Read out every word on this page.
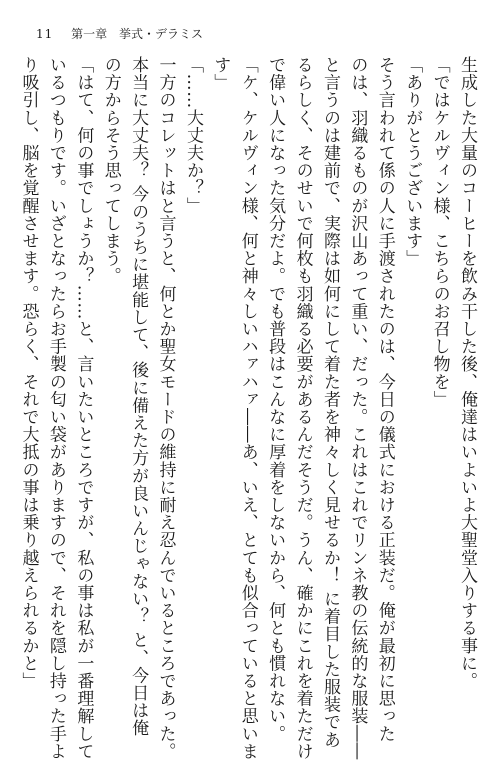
11 第一章 挙式・デラミス
生成した大量のコーヒーを飲み干した後、俺達はいよいよ大聖堂入りする事に。
「ではケルヴィン様、こちらのお召し物を」
「ありがとうございます」
そう言われて係の人に手渡されたのは、今日の儀式における正装だ。俺が最初に思った
のは、羽織るものが沢山あって重い、だった。これはこれでリンネ教の伝統的な服装――
と言うのは建前で、実際は如何にして着た者を神々しく見せるか！ に着目した服装であ
るらしく、そのせいで何枚も羽織る必要があるんだそうだ。うん、確かにこれを着ただけ
で偉い人になった気分だよ。でも普段はこんなに厚着をしないから、何とも慣れない。
「ケ、ケルヴィン様、何と神々しいハァハァ――あ、いえ、とても似合っていると思いま
す」
「……大丈夫か？」
一方のコレットはと言うと、何とか聖女モードの維持に耐え忍んでいるところであった。
本当に大丈夫？ 今のうちに堪能して、後に備えた方が良いんじゃない？ と、今日は俺
の方からそう思ってしまう。
「はて、何の事でしょうか？……と、言いたいところですが、私の事は私が一番理解して
いるつもりです。いざとなったらお手製の匂い袋がありますので、それを隠し持った手よ
り吸引し、脳を覚醒させます。恐らく、それで大抵の事は乗り越えられるかと」
